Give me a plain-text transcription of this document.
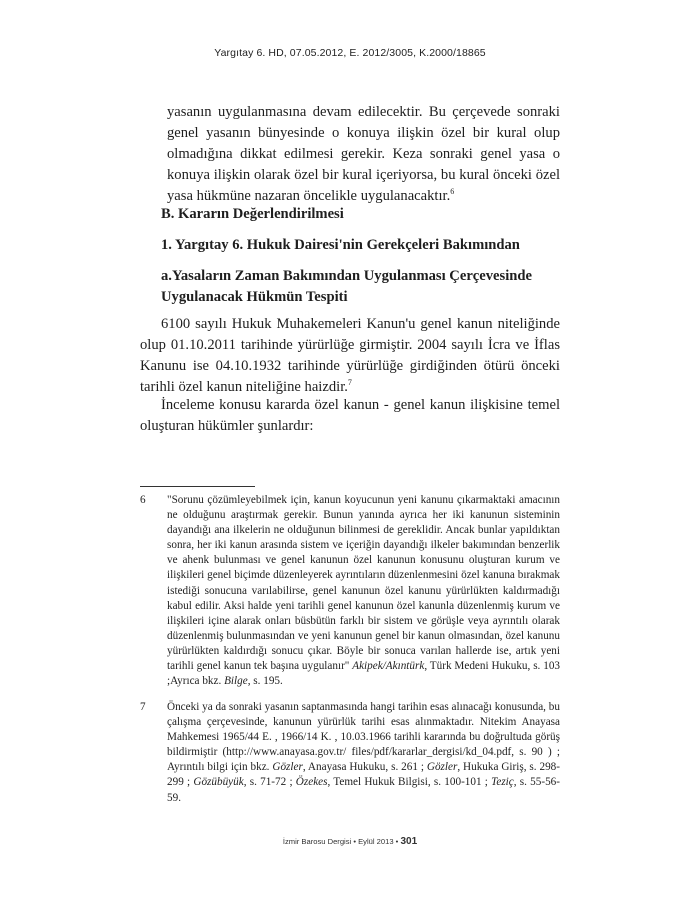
Yargıtay 6. HD, 07.05.2012, E. 2012/3005, K.2000/18865

yasanın uygulanmasına devam edilecektir. Bu çerçevede sonraki genel yasanın bünyesinde o konuya ilişkin özel bir kural olup olmadığına dikkat edilmesi gerekir. Keza sonraki genel yasa o konuya ilişkin olarak özel bir kural içeriyorsa, bu kural önceki özel yasa hükmüne nazaran öncelikle uygulanacaktır.$^6$

B. Kararın Değerlendirilmesi
1. Yargıtay 6. Hukuk Dairesi'nin Gerekçeleri Bakımından
a.Yasaların Zaman Bakımından Uygulanması Çerçevesinde Uygulanacak Hükmün Tespiti

6100 sayılı Hukuk Muhakemeleri Kanun'u genel kanun niteliğinde olup 01.10.2011 tarihinde yürürlüğe girmiştir. 2004 sayılı İcra ve İflas Kanunu ise 04.10.1932 tarihinde yürürlüğe girdiğinden ötürü önceki tarihli özel kanun niteliğine haizdir.$^7$

İnceleme konusu kararda özel kanun - genel kanun ilişkisine temel oluşturan hükümler şunlardır:

6 "Sorunu çözümleyebilmek için, kanun koyucunun yeni kanunu çıkarmaktaki amacının ne olduğunu araştırmak gerekir. Bunun yanında ayrıca her iki kanunun sisteminin dayandığı ana ilkelerin ne olduğunun bilinmesi de gereklidir. Ancak bunlar yapıldıktan sonra, her iki kanun arasında sistem ve içeriğin dayandığı ilkeler bakımından benzerlik ve ahenk bulunması ve genel kanunun özel kanunun konusunu oluşturan kurum ve ilişkileri genel biçimde düzenleyerek ayrıntıların düzenlenmesini özel kanuna bırakmak istediği sonucuna varılabilirse, genel kanunun özel kanunu yürürlükten kaldırmadığı kabul edilir. Aksi halde yeni tarihli genel kanunun özel kanunla düzenlenmiş kurum ve ilişkileri içine alarak onları büsbütün farklı bir sistem ve görüşle veya ayrıntılı olarak düzenlenmiş bulunmasından ve yeni kanunun genel bir kanun olmasından, özel kanunu yürürlükten kaldırdığı sonucu çıkar. Böyle bir sonuca varılan hallerde ise, artık yeni tarihli genel kanun tek başına uygulanır" Akipek/Akıntürk, Türk Medeni Hukuku, s. 103 ;Ayrıca bkz. Bilge, s. 195.
7 Önceki ya da sonraki yasanın saptanmasında hangi tarihin esas alınacağı konusunda, bu çalışma çerçevesinde, kanunun yürürlük tarihi esas alınmaktadır. Nitekim Anayasa Mahkemesi 1965/44 E. , 1966/14 K. , 10.03.1966 tarihli kararında bu doğrultuda görüş bildirmiştir (http://www.anayasa.gov.tr/ files/pdf/kararlar_dergisi/kd_04.pdf, s. 90 ) ; Ayrıntılı bilgi için bkz. Gözler, Anayasa Hukuku, s. 261 ; Gözler, Hukuka Giriş, s. 298-299 ; Gözübüyük, s. 71-72 ; Özekes, Temel Hukuk Bilgisi, s. 100-101 ; Teziç, s. 55-56-59.
İzmir Barosu Dergisi • Eylül 2013 • 301
